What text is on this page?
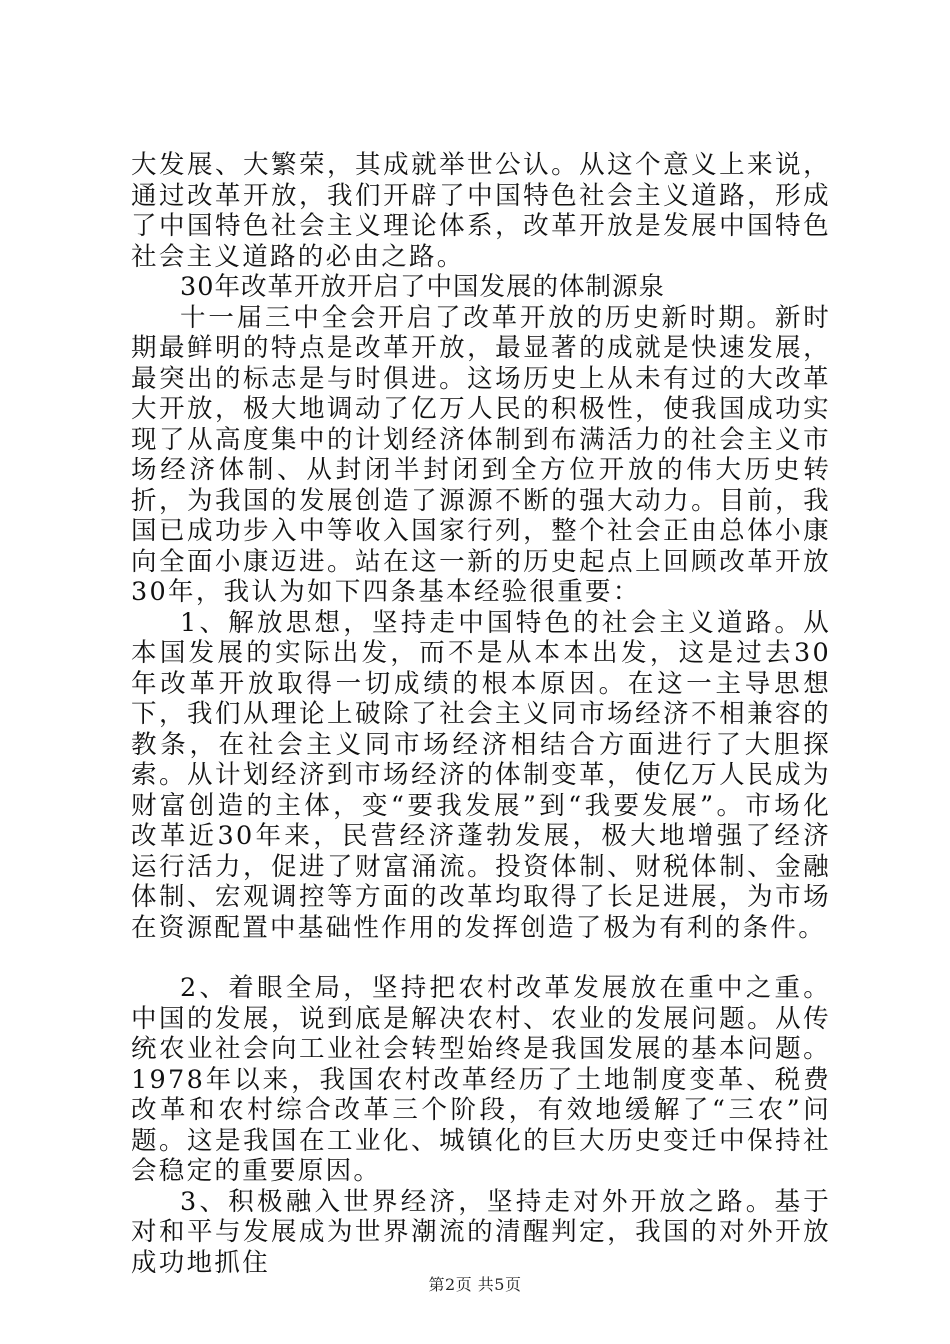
大发展、大繁荣，其成就举世公认。从这个意义上来说，通过改革开放，我们开辟了中国特色社会主义道路，形成了中国特色社会主义理论体系，改革开放是发展中国特色社会主义道路的必由之路。

30年改革开放开启了中国发展的体制源泉

十一届三中全会开启了改革开放的历史新时期。新时期最鲜明的特点是改革开放，最显著的成就是快速发展，最突出的标志是与时俱进。这场历史上从未有过的大改革大开放，极大地调动了亿万人民的积极性，使我国成功实现了从高度集中的计划经济体制到布满活力的社会主义市场经济体制、从封闭半封闭到全方位开放的伟大历史转折，为我国的发展创造了源源不断的强大动力。目前，我国已成功步入中等收入国家行列，整个社会正由总体小康向全面小康迈进。站在这一新的历史起点上回顾改革开放30年，我认为如下四条基本经验很重要：

1、解放思想，坚持走中国特色的社会主义道路。从本国发展的实际出发，而不是从本本出发，这是过去30年改革开放取得一切成绩的根本原因。在这一主导思想下，我们从理论上破除了社会主义同市场经济不相兼容的教条，在社会主义同市场经济相结合方面进行了大胆探索。从计划经济到市场经济的体制变革，使亿万人民成为财富创造的主体，变“要我发展”到“我要发展”。市场化改革近30年来，民营经济蓬勃发展，极大地增强了经济运行活力，促进了财富涌流。投资体制、财税体制、金融体制、宏观调控等方面的改革均取得了长足进展，为市场在资源配置中基础性作用的发挥创造了极为有利的条件。

2、着眼全局，坚持把农村改革发展放在重中之重。中国的发展，说到底是解决农村、农业的发展问题。从传统农业社会向工业社会转型始终是我国发展的基本问题。1978年以来，我国农村改革经历了土地制度变革、税费改革和农村综合改革三个阶段，有效地缓解了“三农”问题。这是我国在工业化、城镇化的巨大历史变迁中保持社会稳定的重要原因。

3、积极融入世界经济，坚持走对外开放之路。基于对和平与发展成为世界潮流的清醒判定，我国的对外开放成功地抓住

第2页 共5页
